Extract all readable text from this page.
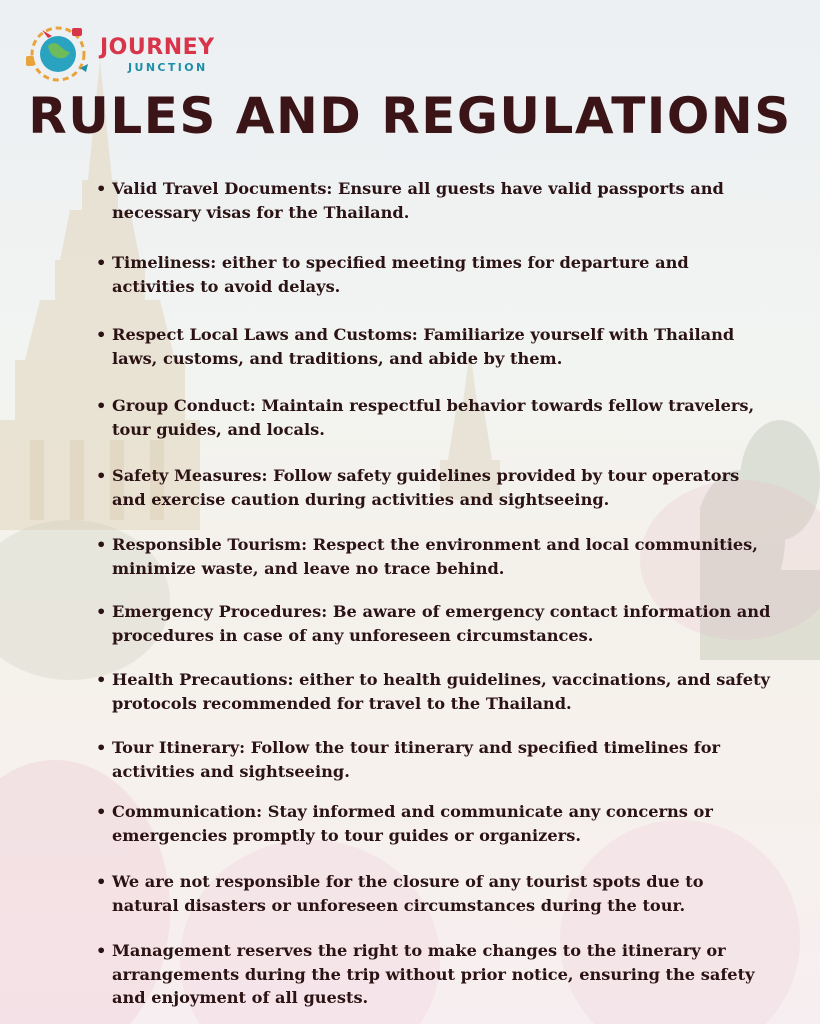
JOURNEY
JUNCTION
RULES AND REGULATIONS
• Valid Travel Documents: Ensure all guests have valid passports and necessary visas for the Thailand.
• Timeliness: either to specified meeting times for departure and activities to avoid delays.
• Respect Local Laws and Customs: Familiarize yourself with Thailand laws, customs, and traditions, and abide by them.
• Group Conduct: Maintain respectful behavior towards fellow travelers, tour guides, and locals.
• Safety Measures: Follow safety guidelines provided by tour operators and exercise caution during activities and sightseeing.
• Responsible Tourism: Respect the environment and local communities, minimize waste, and leave no trace behind.
• Emergency Procedures: Be aware of emergency contact information and procedures in case of any unforeseen circumstances.
• Health Precautions: either to health guidelines, vaccinations, and safety protocols recommended for travel to the Thailand.
• Tour Itinerary: Follow the tour itinerary and specified timelines for activities and sightseeing.
• Communication: Stay informed and communicate any concerns or emergencies promptly to tour guides or organizers.
• We are not responsible for the closure of any tourist spots due to natural disasters or unforeseen circumstances during the tour.
• Management reserves the right to make changes to the itinerary or arrangements during the trip without prior notice, ensuring the safety and enjoyment of all guests.
